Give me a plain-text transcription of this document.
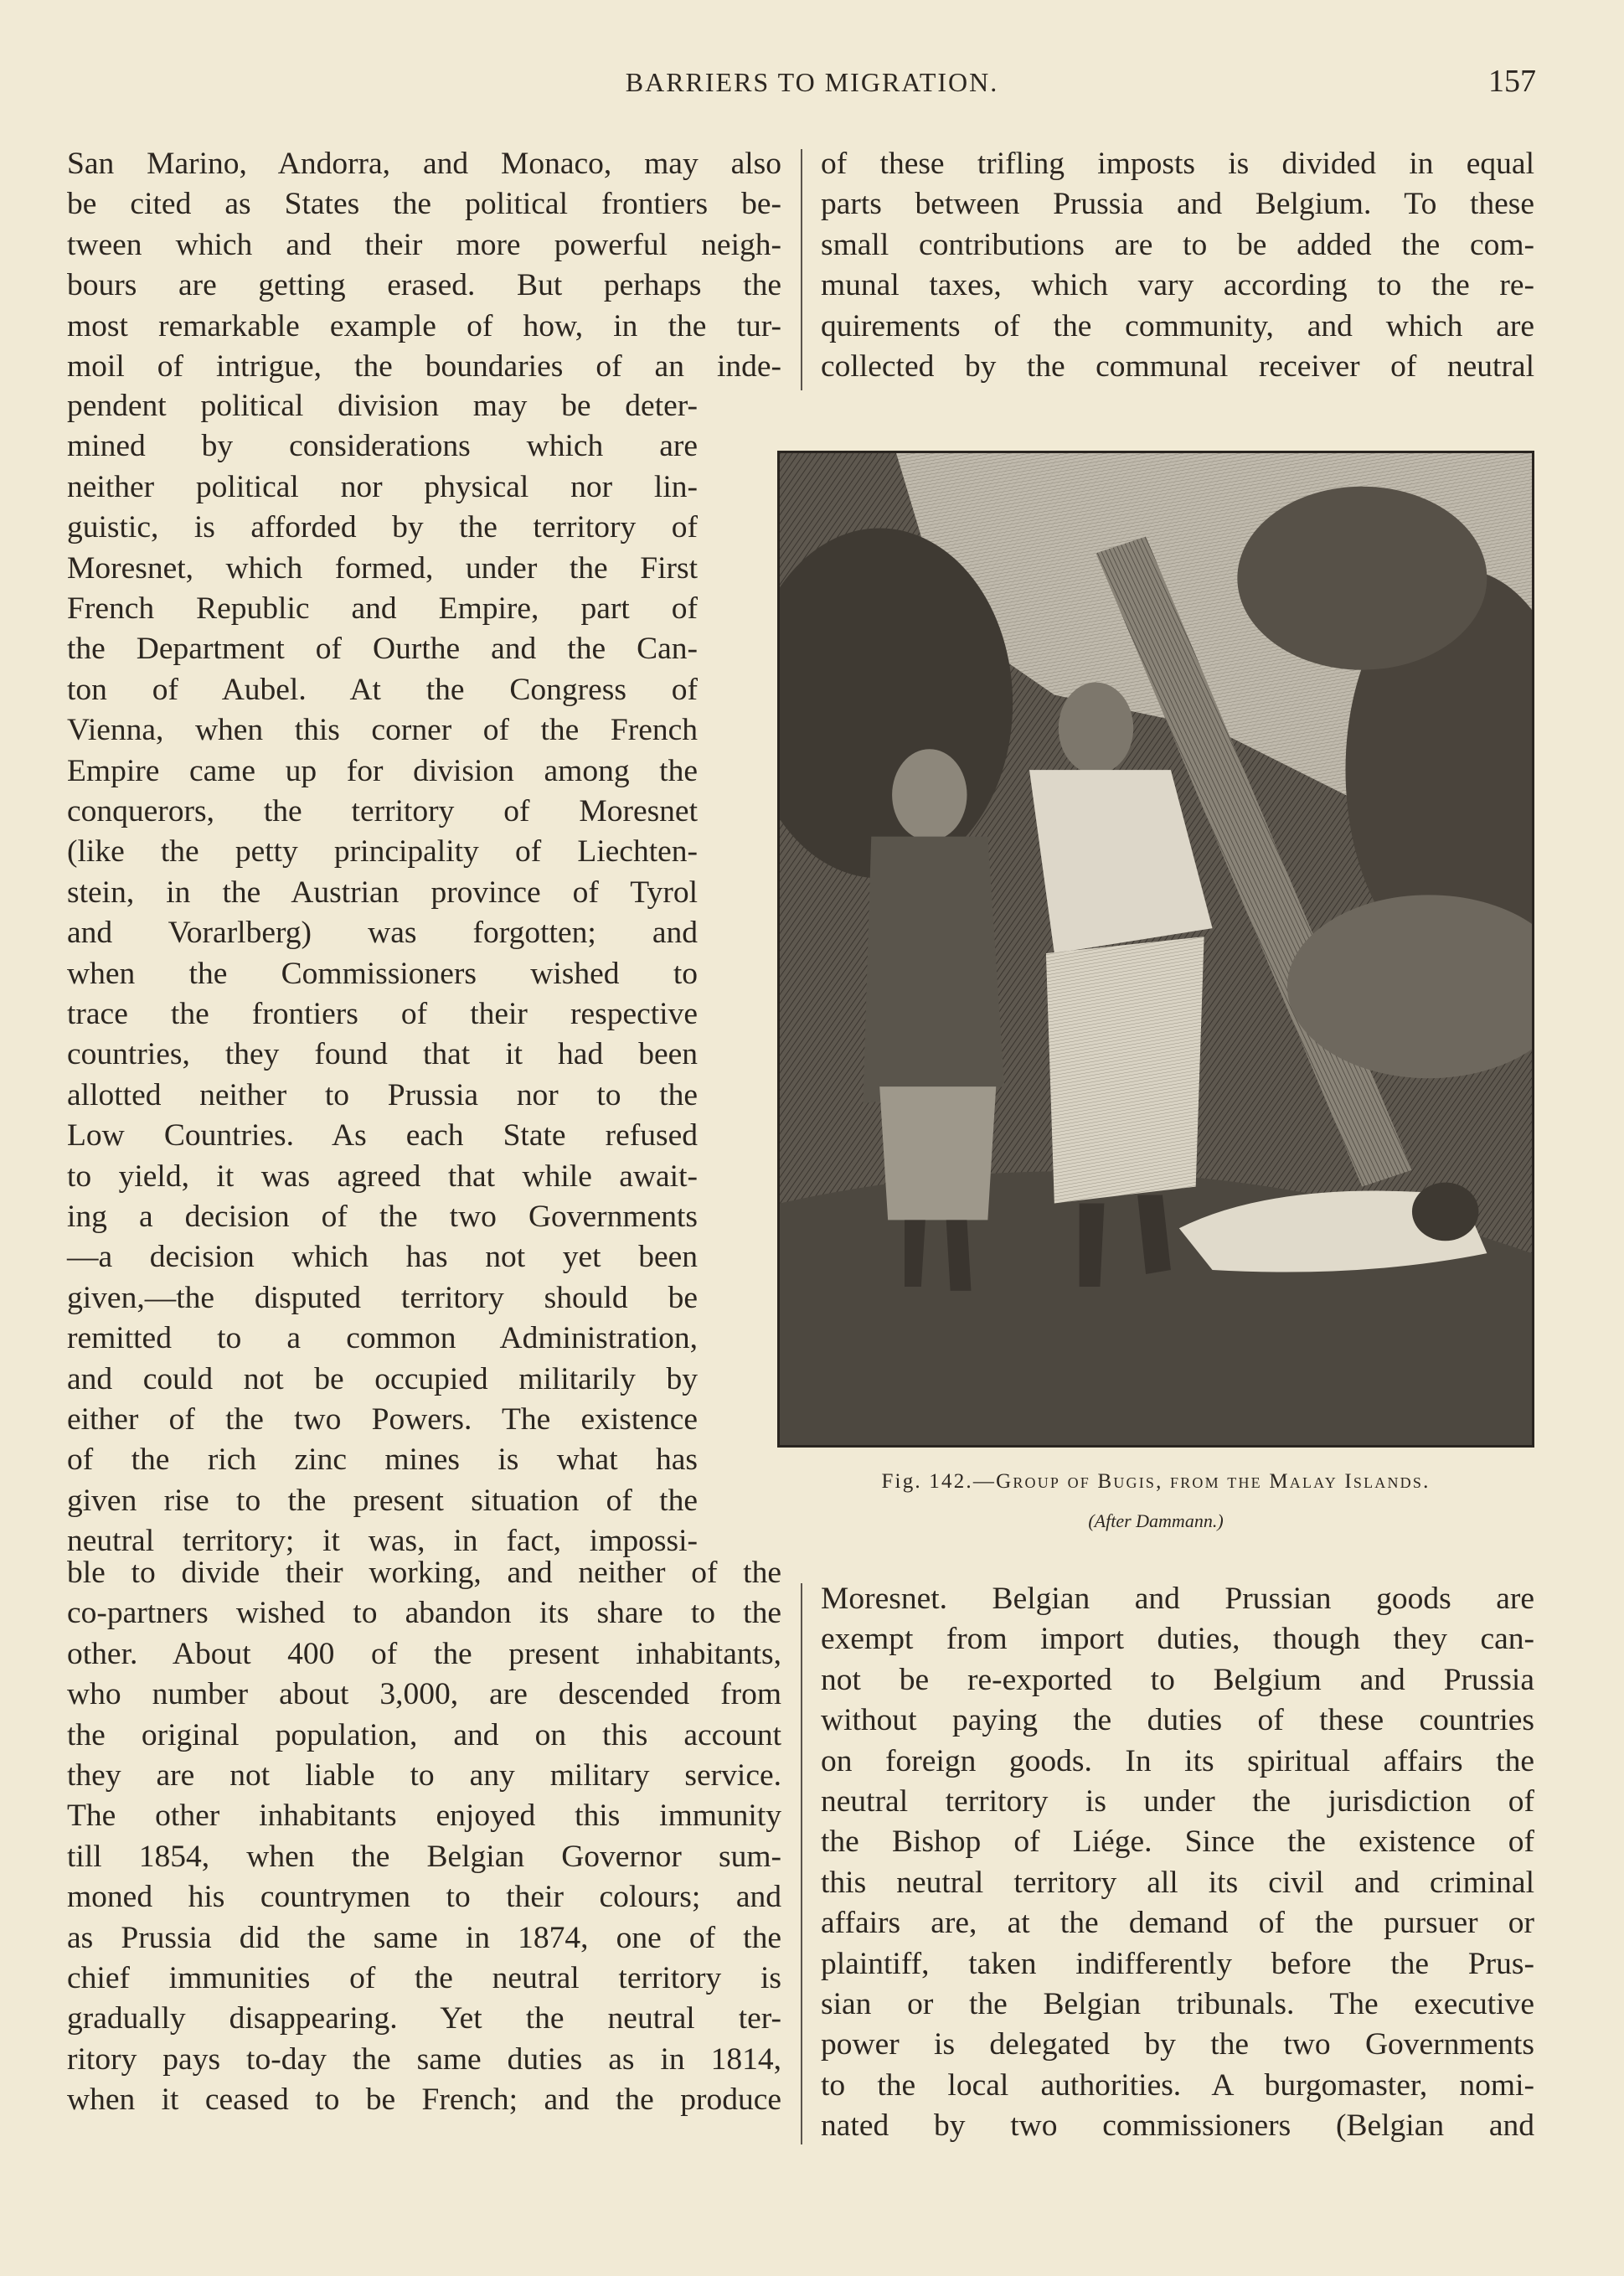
BARRIERS TO MIGRATION.	157
San Marino, Andorra, and Monaco, may also
be cited as States the political frontiers be-
tween which and their more powerful neigh-
bours are getting erased. But perhaps the
most remarkable example of how, in the tur-
moil of intrigue, the boundaries of an inde-
pendent political division may be deter-
mined by considerations which are
neither political nor physical nor lin-
guistic, is afforded by the territory of
Moresnet, which formed, under the First
French Republic and Empire, part of
the Department of Ourthe and the Can-
ton of Aubel. At the Congress of
Vienna, when this corner of the French
Empire came up for division among the
conquerors, the territory of Moresnet
(like the petty principality of Liechten-
stein, in the Austrian province of Tyrol
and Vorarlberg) was forgotten; and
when the Commissioners wished to
trace the frontiers of their respective
countries, they found that it had been
allotted neither to Prussia nor to the
Low Countries. As each State refused
to yield, it was agreed that while await-
ing a decision of the two Governments
—a decision which has not yet been
given,—the disputed territory should be
remitted to a common Administration,
and could not be occupied militarily by
either of the two Powers. The existence
of the rich zinc mines is what has
given rise to the present situation of the
neutral territory; it was, in fact, impossi-
ble to divide their working, and neither of the
co-partners wished to abandon its share to the
other. About 400 of the present inhabitants,
who number about 3,000, are descended from
the original population, and on this account
they are not liable to any military service.
The other inhabitants enjoyed this immunity
till 1854, when the Belgian Governor sum-
moned his countrymen to their colours; and
as Prussia did the same in 1874, one of the
chief immunities of the neutral territory is
gradually disappearing. Yet the neutral ter-
ritory pays to-day the same duties as in 1814,
when it ceased to be French; and the produce
of these trifling imposts is divided in equal
parts between Prussia and Belgium. To these
small contributions are to be added the com-
munal taxes, which vary according to the re-
quirements of the community, and which are
collected by the communal receiver of neutral
Fig. 142.—Group of Bugis, from the Malay Islands.
(After Dammann.)
Moresnet. Belgian and Prussian goods are
exempt from import duties, though they can-
not be re-exported to Belgium and Prussia
without paying the duties of these countries
on foreign goods. In its spiritual affairs the
neutral territory is under the jurisdiction of
the Bishop of Liége. Since the existence of
this neutral territory all its civil and criminal
affairs are, at the demand of the pursuer or
plaintiff, taken indifferently before the Prus-
sian or the Belgian tribunals. The executive
power is delegated by the two Governments
to the local authorities. A burgomaster, nomi-
nated by two commissioners (Belgian and
